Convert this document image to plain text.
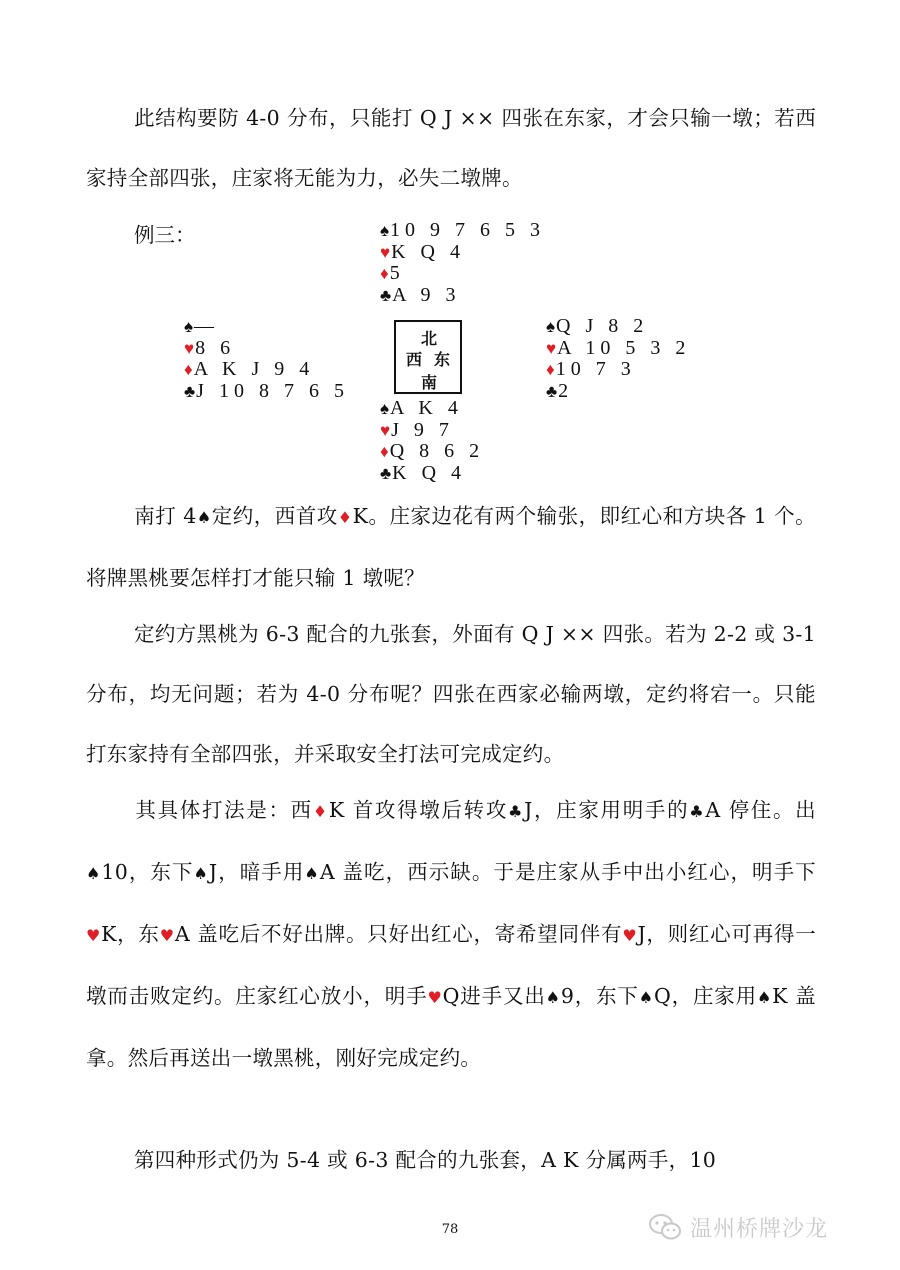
此结构要防 4-0 分布，只能打 Q J ×× 四张在东家，才会只输一墩；若西家持全部四张，庄家将无能为力，必失二墩牌。

例三：	♠10 9 7 6 5 3
♥K Q 4
♦5
♣A 9 3
♠—
♥8 6
♦A K J 9 4
♣J 10 8 7 6 5
北
西 东
南
♠Q J 8 2
♥A 10 5 3 2
♦10 7 3
♣2
♠A K 4
♥J 9 7
♦Q 8 6 2
♣K Q 4

南打 4♠定约，西首攻♦K。庄家边花有两个输张，即红心和方块各 1 个。将牌黑桃要怎样打才能只输 1 墩呢？

定约方黑桃为 6-3 配合的九张套，外面有 Q J ×× 四张。若为 2-2 或 3-1 分布，均无问题；若为 4-0 分布呢？四张在西家必输两墩，定约将宕一。只能打东家持有全部四张，并采取安全打法可完成定约。

其具体打法是：西♦K 首攻得墩后转攻♣J，庄家用明手的♣A 停住。出♠10，东下♠J，暗手用♠A 盖吃，西示缺。于是庄家从手中出小红心，明手下♥K，东♥A 盖吃后不好出牌。只好出红心，寄希望同伴有♥J，则红心可再得一墩而击败定约。庄家红心放小，明手♥Q进手又出♠9，东下♠Q，庄家用♠K 盖拿。然后再送出一墩黑桃，刚好完成定约。

第四种形式仍为 5-4 或 6-3 配合的九张套，A K 分属两手，10

78	温州桥牌沙龙
